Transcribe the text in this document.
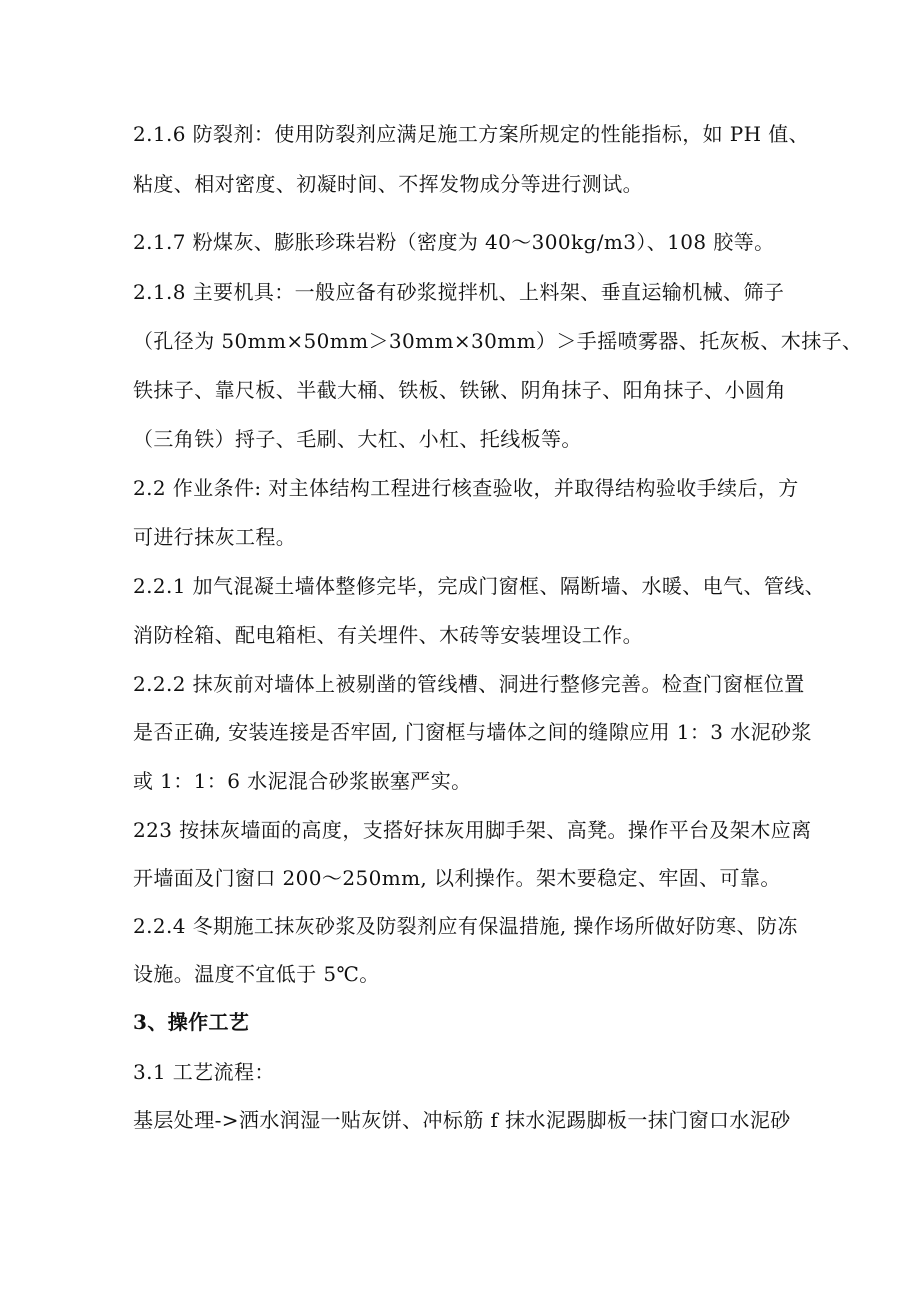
2.1.6 防裂剂：使用防裂剂应满足施工方案所规定的性能指标，如 PH 值、
粘度、相对密度、初凝时间、不挥发物成分等进行测试。
2.1.7 粉煤灰、膨胀珍珠岩粉（密度为 40～300kg/m3）、108 胶等。
2.1.8 主要机具：一般应备有砂浆搅拌机、上料架、垂直运输机械、筛子
（孔径为 50mm×50mm＞30mm×30mm）＞手摇喷雾器、托灰板、木抹子、
铁抹子、靠尺板、半截大桶、铁板、铁锹、阴角抹子、阳角抹子、小圆角
（三角铁）捋子、毛刷、大杠、小杠、托线板等。
2.2 作业条件: 对主体结构工程进行核查验收，并取得结构验收手续后，方
可进行抹灰工程。
2.2.1 加气混凝土墙体整修完毕，完成门窗框、隔断墙、水暖、电气、管线、
消防栓箱、配电箱柜、有关埋件、木砖等安装埋设工作。
2.2.2 抹灰前对墙体上被剔凿的管线槽、洞进行整修完善。检查门窗框位置
是否正确, 安装连接是否牢固, 门窗框与墙体之间的缝隙应用 1：3 水泥砂浆
或 1：1：6 水泥混合砂浆嵌塞严实。
223 按抹灰墙面的高度，支搭好抹灰用脚手架、高凳。操作平台及架木应离
开墙面及门窗口 200～250mm, 以利操作。架木要稳定、牢固、可靠。
2.2.4 冬期施工抹灰砂浆及防裂剂应有保温措施, 操作场所做好防寒、防冻
设施。温度不宜低于 5℃。
3、操作工艺
3.1 工艺流程：
基层处理->洒水润湿一贴灰饼、冲标筋 f 抹水泥踢脚板一抹门窗口水泥砂
